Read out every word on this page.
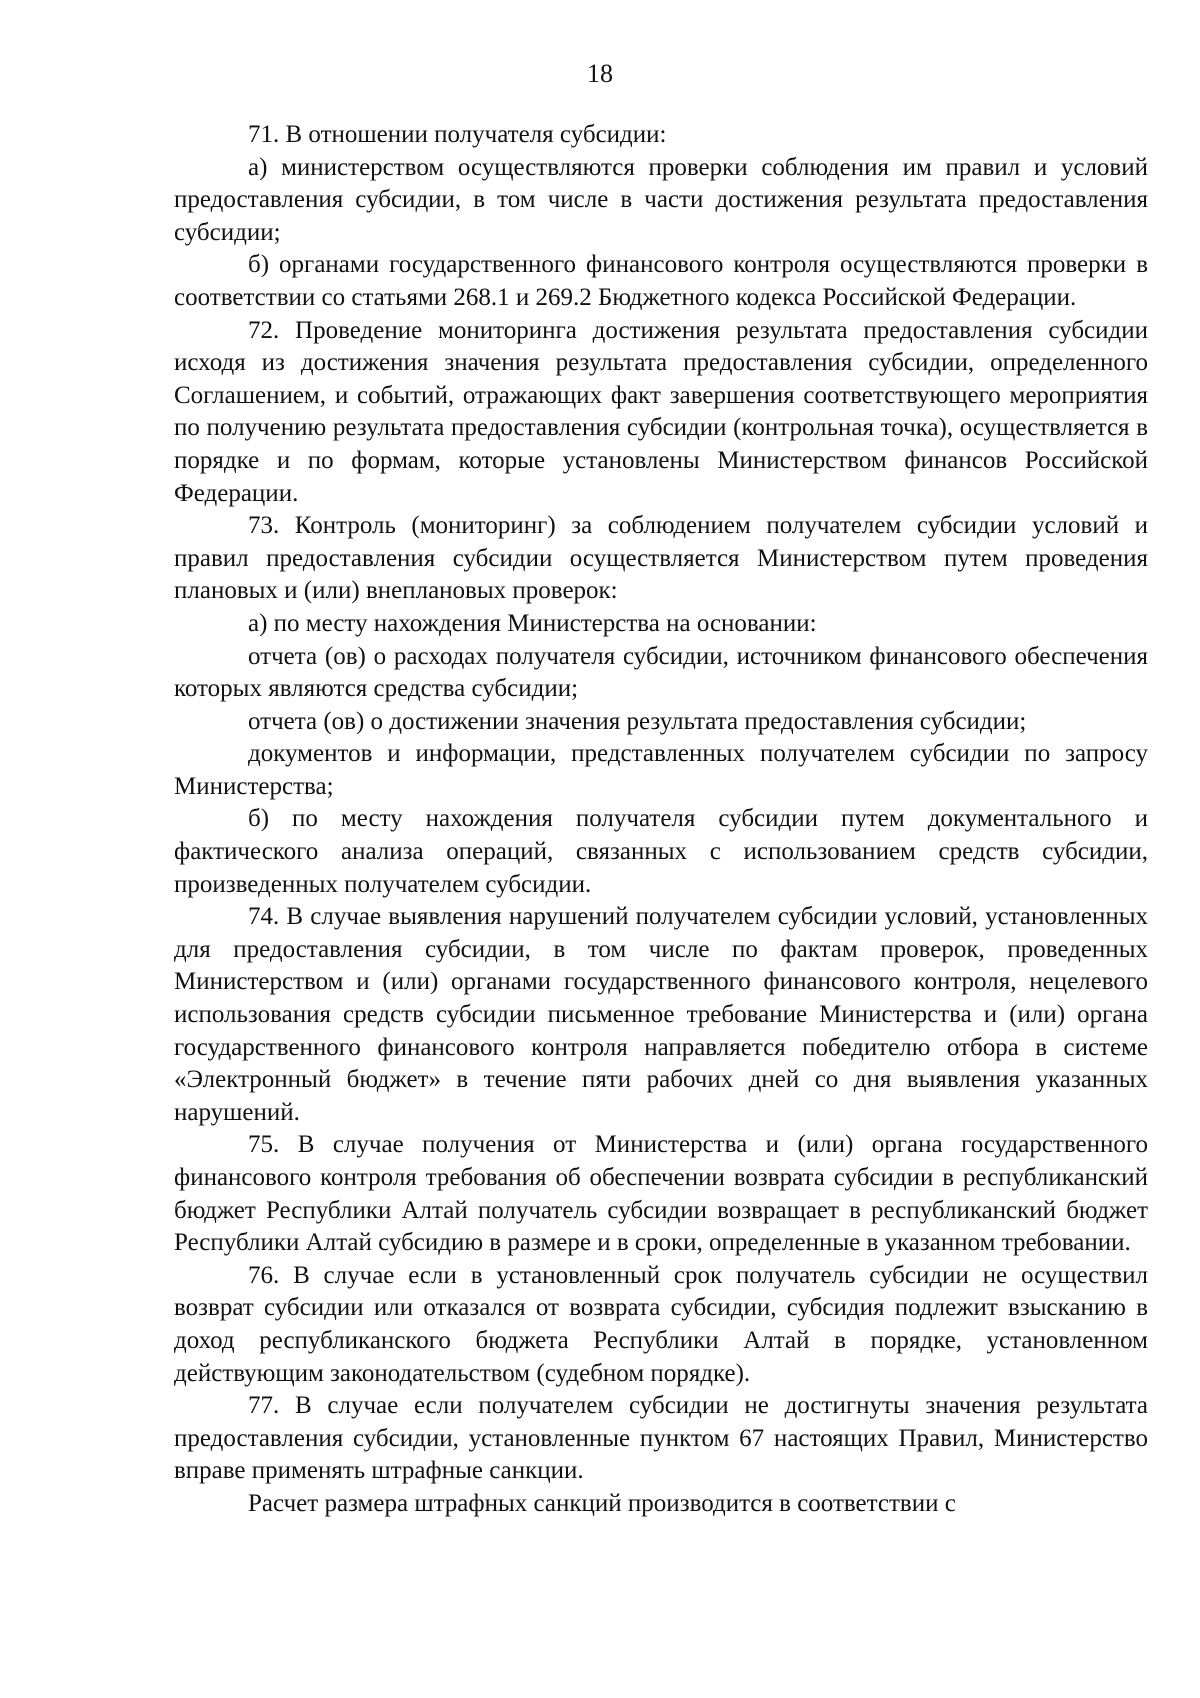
18

71. В отношении получателя субсидии:

а) министерством осуществляются проверки соблюдения им правил и условий предоставления субсидии, в том числе в части достижения результата предоставления субсидии;

б) органами государственного финансового контроля осуществляются проверки в соответствии со статьями 268.1 и 269.2 Бюджетного кодекса Российской Федерации.

72. Проведение мониторинга достижения результата предоставления субсидии исходя из достижения значения результата предоставления субсидии, определенного Соглашением, и событий, отражающих факт завершения соответствующего мероприятия по получению результата предоставления субсидии (контрольная точка), осуществляется в порядке и по формам, которые установлены Министерством финансов Российской Федерации.

73. Контроль (мониторинг) за соблюдением получателем субсидии условий и правил предоставления субсидии осуществляется Министерством путем проведения плановых и (или) внеплановых проверок:

а) по месту нахождения Министерства на основании:

отчета (ов) о расходах получателя субсидии, источником финансового обеспечения которых являются средства субсидии;

отчета (ов) о достижении значения результата предоставления субсидии;

документов и информации, представленных получателем субсидии по запросу Министерства;

б) по месту нахождения получателя субсидии путем документального и фактического анализа операций, связанных с использованием средств субсидии, произведенных получателем субсидии.

74. В случае выявления нарушений получателем субсидии условий, установленных для предоставления субсидии, в том числе по фактам проверок, проведенных Министерством и (или) органами государственного финансового контроля, нецелевого использования средств субсидии письменное требование Министерства и (или) органа государственного финансового контроля направляется победителю отбора в системе «Электронный бюджет» в течение пяти рабочих дней со дня выявления указанных нарушений.

75. В случае получения от Министерства и (или) органа государственного финансового контроля требования об обеспечении возврата субсидии в республиканский бюджет Республики Алтай получатель субсидии возвращает в республиканский бюджет Республики Алтай субсидию в размере и в сроки, определенные в указанном требовании.

76. В случае если в установленный срок получатель субсидии не осуществил возврат субсидии или отказался от возврата субсидии, субсидия подлежит взысканию в доход республиканского бюджета Республики Алтай в порядке, установленном действующим законодательством (судебном порядке).

77. В случае если получателем субсидии не достигнуты значения результата предоставления субсидии, установленные пунктом 67 настоящих Правил, Министерство вправе применять штрафные санкции.

Расчет размера штрафных санкций производится в соответствии с
